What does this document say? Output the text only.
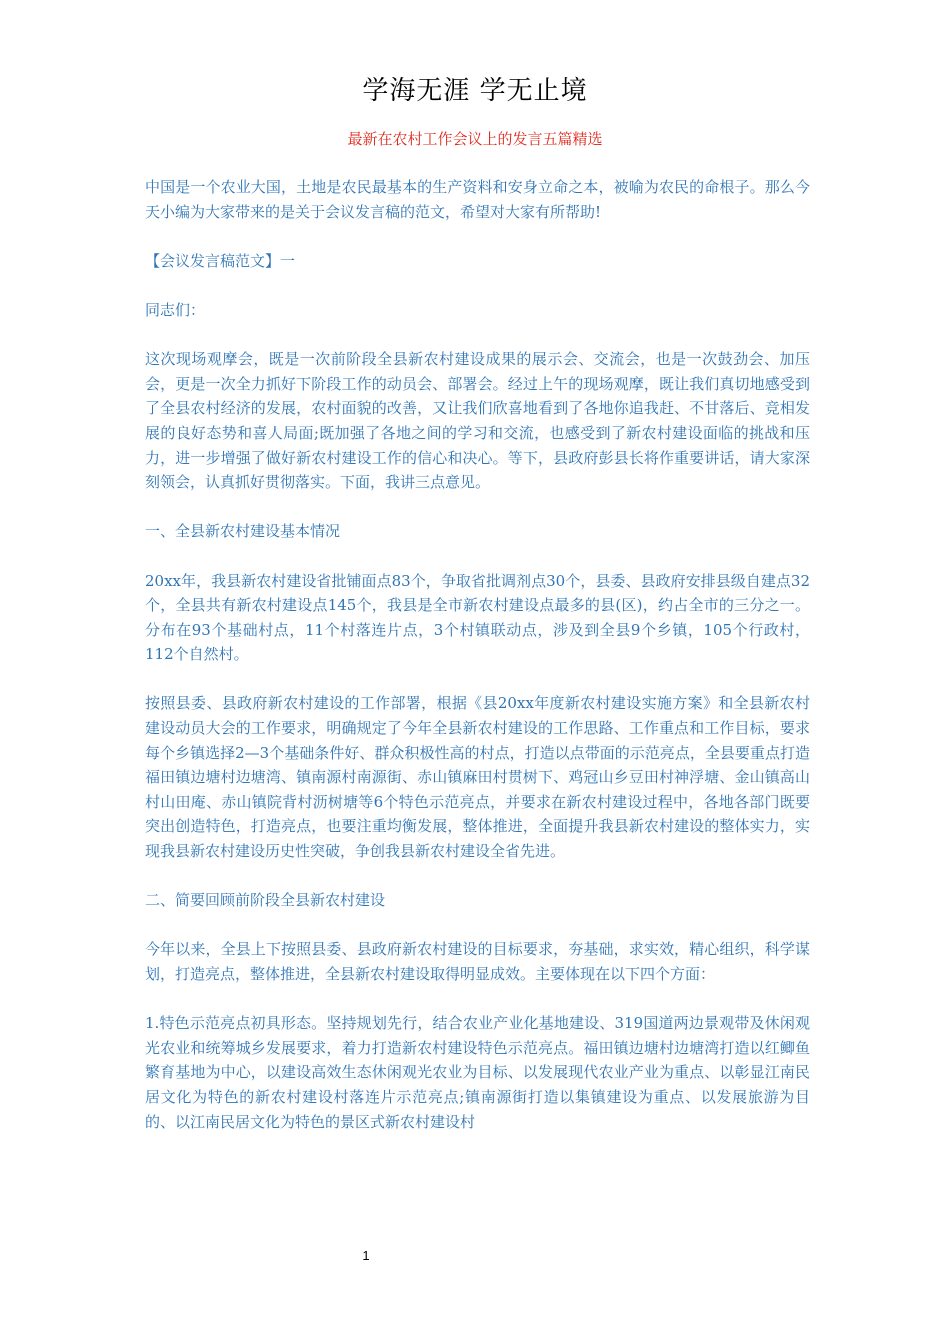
学海无涯 学无止境
最新在农村工作会议上的发言五篇精选

中国是一个农业大国，土地是农民最基本的生产资料和安身立命之本，被喻为农民的命根子。那么今天小编为大家带来的是关于会议发言稿的范文，希望对大家有所帮助!

【会议发言稿范文】一

同志们：

这次现场观摩会，既是一次前阶段全县新农村建设成果的展示会、交流会，也是一次鼓劲会、加压会，更是一次全力抓好下阶段工作的动员会、部署会。经过上午的现场观摩，既让我们真切地感受到了全县农村经济的发展，农村面貌的改善，又让我们欣喜地看到了各地你追我赶、不甘落后、竞相发展的良好态势和喜人局面;既加强了各地之间的学习和交流，也感受到了新农村建设面临的挑战和压力，进一步增强了做好新农村建设工作的信心和决心。等下，县政府彭县长将作重要讲话，请大家深刻领会，认真抓好贯彻落实。下面，我讲三点意见。

一、全县新农村建设基本情况

20xx年，我县新农村建设省批铺面点83个，争取省批调剂点30个，县委、县政府安排县级自建点32个，全县共有新农村建设点145个，我县是全市新农村建设点最多的县(区)，约占全市的三分之一。分布在93个基础村点，11个村落连片点，3个村镇联动点，涉及到全县9个乡镇，105个行政村，112个自然村。

按照县委、县政府新农村建设的工作部署，根据《县20xx年度新农村建设实施方案》和全县新农村建设动员大会的工作要求，明确规定了今年全县新农村建设的工作思路、工作重点和工作目标，要求每个乡镇选择2—3个基础条件好、群众积极性高的村点，打造以点带面的示范亮点，全县要重点打造福田镇边塘村边塘湾、镇南源村南源街、赤山镇麻田村贯树下、鸡冠山乡豆田村神浮塘、金山镇高山村山田庵、赤山镇院背村沥树塘等6个特色示范亮点，并要求在新农村建设过程中，各地各部门既要突出创造特色，打造亮点，也要注重均衡发展，整体推进，全面提升我县新农村建设的整体实力，实现我县新农村建设历史性突破，争创我县新农村建设全省先进。

二、简要回顾前阶段全县新农村建设

今年以来，全县上下按照县委、县政府新农村建设的目标要求，夯基础，求实效，精心组织，科学谋划，打造亮点，整体推进，全县新农村建设取得明显成效。主要体现在以下四个方面：

1.特色示范亮点初具形态。坚持规划先行，结合农业产业化基地建设、319国道两边景观带及休闲观光农业和统筹城乡发展要求，着力打造新农村建设特色示范亮点。福田镇边塘村边塘湾打造以红鲫鱼繁育基地为中心，以建设高效生态休闲观光农业为目标、以发展现代农业产业为重点、以彰显江南民居文化为特色的新农村建设村落连片示范亮点;镇南源街打造以集镇建设为重点、以发展旅游为目的、以江南民居文化为特色的景区式新农村建设村

1
